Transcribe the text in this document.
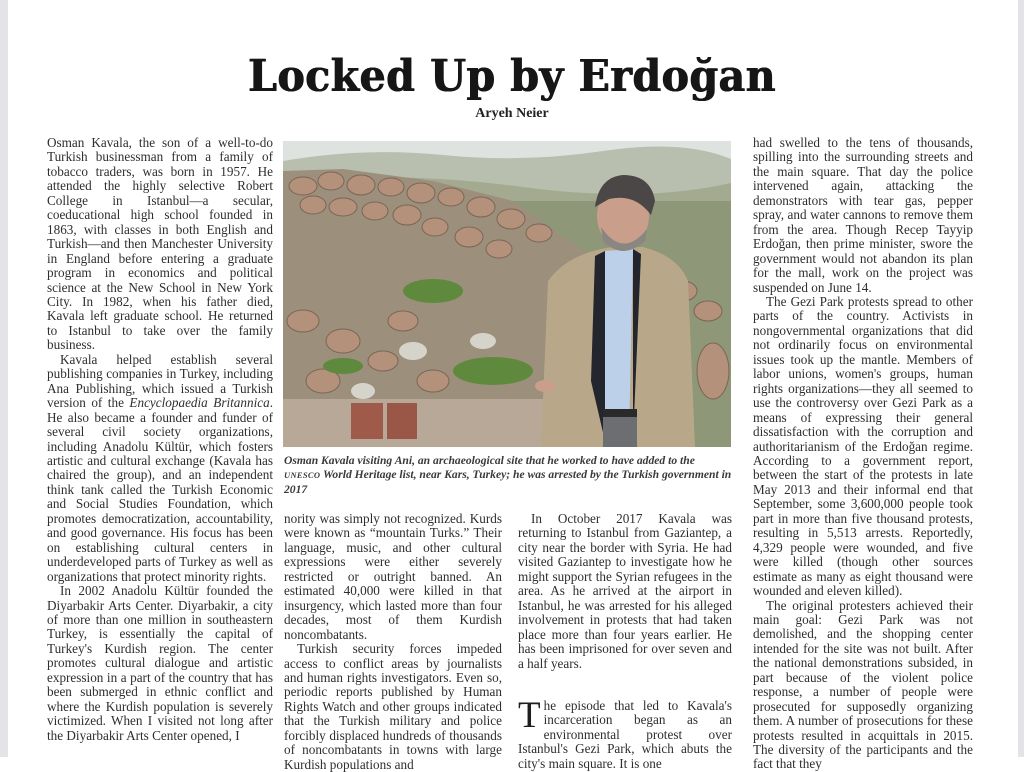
Locked Up by Erdoğan
Aryeh Neier

Osman Kavala, the son of a well-to-do Turkish businessman from a family of tobacco traders, was born in 1957. He attended the highly selective Robert College in Istanbul—a secular, coeducational high school founded in 1863, with classes in both English and Turkish—and then Manchester University in England before entering a graduate program in economics and political science at the New School in New York City. In 1982, when his father died, Kavala left graduate school. He returned to Istanbul to take over the family business.

Kavala helped establish several publishing companies in Turkey, including Ana Publishing, which issued a Turkish version of the Encyclopaedia Britannica. He also became a founder and funder of several civil society organizations, including Anadolu Kültür, which fosters artistic and cultural exchange (Kavala has chaired the group), and an independent think tank called the Turkish Economic and Social Studies Foundation, which promotes democratization, accountability, and good governance. His focus has been on establishing cultural centers in underdeveloped parts of Turkey as well as organizations that protect minority rights.

In 2002 Anadolu Kültür founded the Diyarbakir Arts Center. Diyarbakir, a city of more than one million in southeastern Turkey, is essentially the capital of Turkey's Kurdish region. The center promotes cultural dialogue and artistic expression in a part of the country that has been submerged in ethnic conflict and where the Kurdish population is severely victimized. When I visited not long after the Diyarbakir Arts Center opened, I

Osman Kavala visiting Ani, an archaeological site that he worked to have added to the UNESCO World Heritage list, near Kars, Turkey; he was arrested by the Turkish government in 2017

nority was simply not recognized. Kurds were known as “mountain Turks.” Their language, music, and other cultural expressions were either severely restricted or outright banned. An estimated 40,000 were killed in that insurgency, which lasted more than four decades, most of them Kurdish noncombatants.

Turkish security forces impeded access to conflict areas by journalists and human rights investigators. Even so, periodic reports published by Human Rights Watch and other groups indicated that the Turkish military and police forcibly displaced hundreds of thousands of noncombatants in towns with large Kurdish populations and

In October 2017 Kavala was returning to Istanbul from Gaziantep, a city near the border with Syria. He had visited Gaziantep to investigate how he might support the Syrian refugees in the area. As he arrived at the airport in Istanbul, he was arrested for his alleged involvement in protests that had taken place more than four years earlier. He has been imprisoned for over seven and a half years.

The episode that led to Kavala's incarceration began as an environmental protest over Istanbul's Gezi Park, which abuts the city's main square. It is one

had swelled to the tens of thousands, spilling into the surrounding streets and the main square. That day the police intervened again, attacking the demonstrators with tear gas, pepper spray, and water cannons to remove them from the area. Though Recep Tayyip Erdoğan, then prime minister, swore the government would not abandon its plan for the mall, work on the project was suspended on June 14.

The Gezi Park protests spread to other parts of the country. Activists in nongovernmental organizations that did not ordinarily focus on environmental issues took up the mantle. Members of labor unions, women's groups, human rights organizations—they all seemed to use the controversy over Gezi Park as a means of expressing their general dissatisfaction with the corruption and authoritarianism of the Erdoğan regime. According to a government report, between the start of the protests in late May 2013 and their informal end that September, some 3,600,000 people took part in more than five thousand protests, resulting in 5,513 arrests. Reportedly, 4,329 people were wounded, and five were killed (though other sources estimate as many as eight thousand were wounded and eleven killed).

The original protesters achieved their main goal: Gezi Park was not demolished, and the shopping center intended for the site was not built. After the national demonstrations subsided, in part because of the violent police response, a number of people were prosecuted for supposedly organizing them. A number of prosecutions for these protests resulted in acquittals in 2015. The diversity of the participants and the fact that they
